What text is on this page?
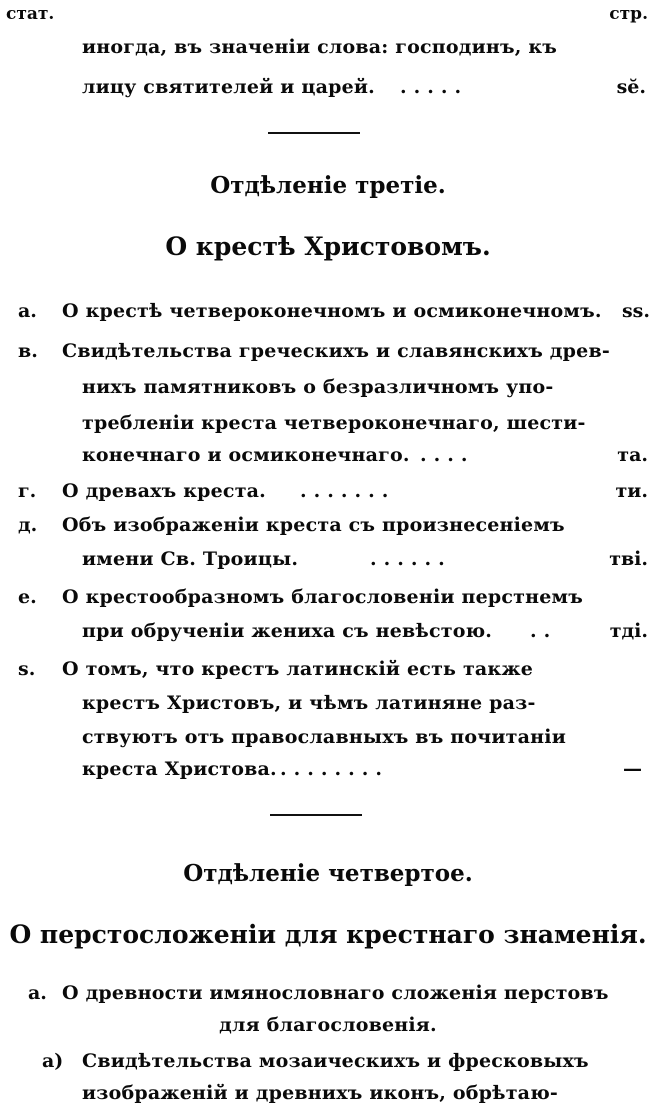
стат.	стр.
иногда, въ значеніи слова: господинъ, къ
лицу святителей и царей. . . . . .	ѕӗ.
Отдѣленіе третіе.
О крестѣ Христовомъ.
а. О крестѣ четвероконечномъ и осмиконечномъ. ѕѕ.
в. Свидѣтельства греческихъ и славянскихъ древ-
нихъ памятниковъ о безразличномъ упо-
требленіи креста четвероконечнаго, шести-
конечнаго и осмиконечнаго. . . . .	та.
г. О древахъ креста. . . . . . . .	ти.
д. Объ изображеніи креста съ произнесеніемъ
имени Св. Троицы.	. . . . . .	тві.
е. О крестообразномъ благословеніи перстнемъ
при обрученіи жениха съ невѣстою. . .	тді.
ѕ. О томъ, что крестъ латинскій есть также
крестъ Христовъ, и чѣмъ латиняне раз-
ствуютъ отъ православныхъ въ почитаніи
креста Христова. . . . . . . . .	—
Отдѣленіе четвертое.
О перстосложеніи для крестнаго знаменія.
а. О древности имянословнаго сложенія перстовъ
для благословенія.
а) Свидѣтельства мозаическихъ и фресковыхъ
изображеній и древнихъ иконъ, обрѣтаю-
